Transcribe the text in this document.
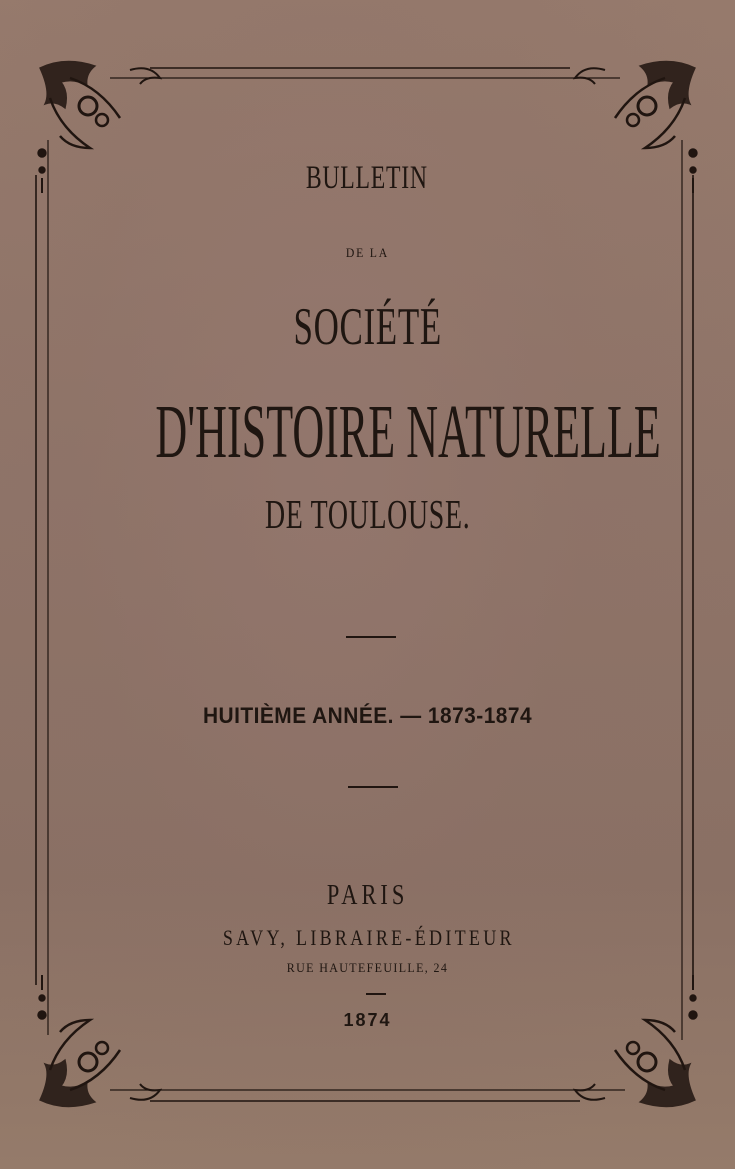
BULLETIN
DE LA
SOCIÉTÉ
D'HISTOIRE NATURELLE
DE TOULOUSE.
HUITIÈME ANNÉE. — 1873-1874
PARIS
SAVY, LIBRAIRE-ÉDITEUR
RUE HAUTEFEUILLE, 24
1874
